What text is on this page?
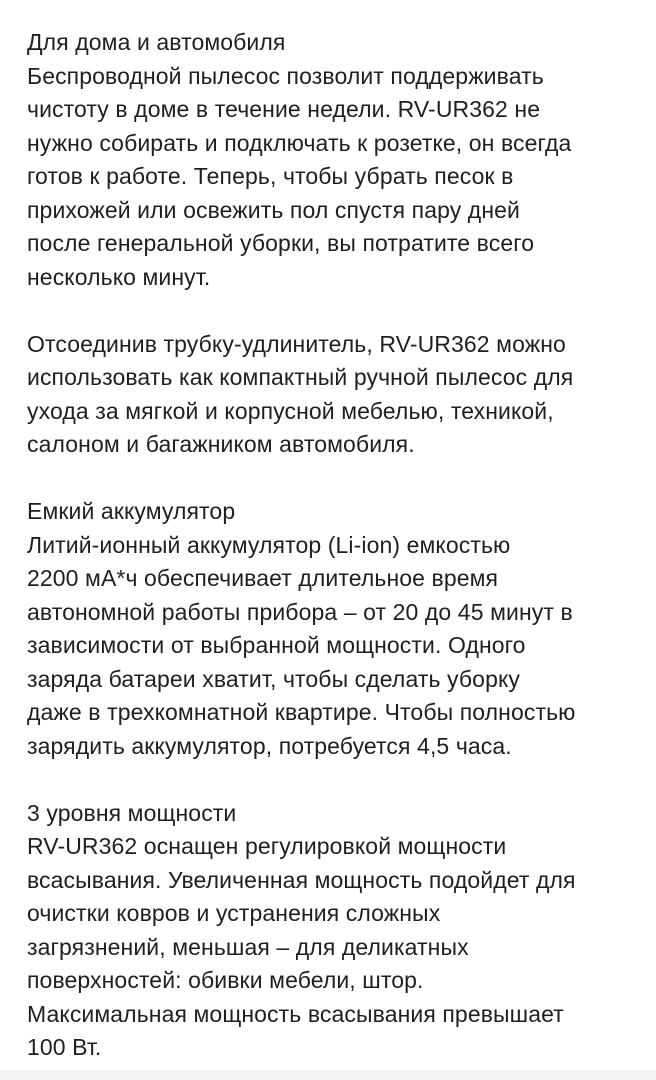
Для дома и автомобиля
Беспроводной пылесос позволит поддерживать
чистоту в доме в течение недели. RV-UR362 не
нужно собирать и подключать к розетке, он всегда
готов к работе. Теперь, чтобы убрать песок в
прихожей или освежить пол спустя пару дней
после генеральной уборки, вы потратите всего
несколько минут.
Отсоединив трубку-удлинитель, RV-UR362 можно
использовать как компактный ручной пылесос для
ухода за мягкой и корпусной мебелью, техникой,
салоном и багажником автомобиля.
Емкий аккумулятор
Литий-ионный аккумулятор (Li-ion) емкостью
2200 мА*ч обеспечивает длительное время
автономной работы прибора – от 20 до 45 минут в
зависимости от выбранной мощности. Одного
заряда батареи хватит, чтобы сделать уборку
даже в трехкомнатной квартире. Чтобы полностью
зарядить аккумулятор, потребуется 4,5 часа.
3 уровня мощности
RV-UR362 оснащен регулировкой мощности
всасывания. Увеличенная мощность подойдет для
очистки ковров и устранения сложных
загрязнений, меньшая – для деликатных
поверхностей: обивки мебели, штор.
Максимальная мощность всасывания превышает
100 Вт.
